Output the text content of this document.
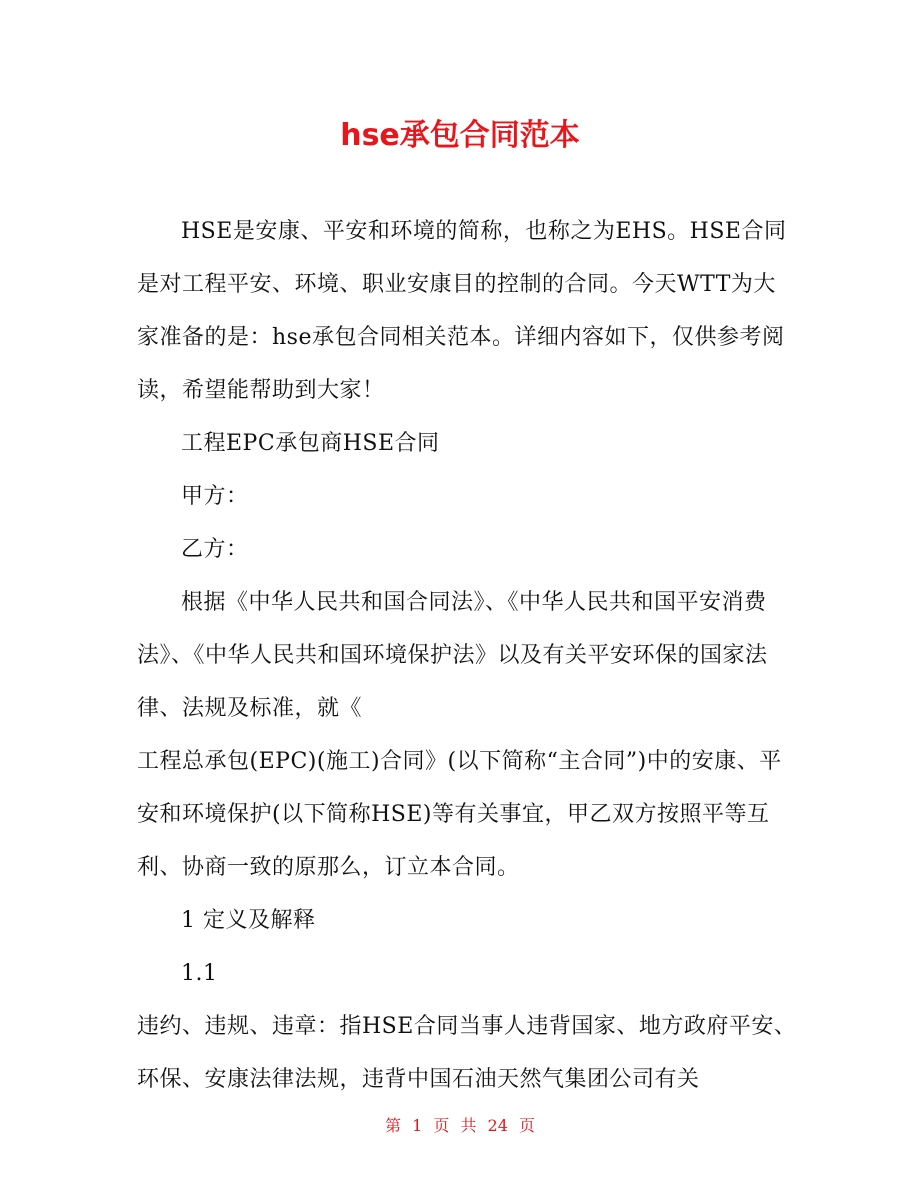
hse承包合同范本

HSE是安康、平安和环境的简称，也称之为EHS。HSE合同是对工程平安、环境、职业安康目的控制的合同。今天WTT为大家准备的是：hse承包合同相关范本。详细内容如下，仅供参考阅读，希望能帮助到大家！

工程EPC承包商HSE合同

甲方：

乙方：

根据《中华人民共和国合同法》、《中华人民共和国平安消费法》、《中华人民共和国环境保护法》以及有关平安环保的国家法律、法规及标准，就《

工程总承包(EPC)(施工)合同》(以下简称“主合同”)中的安康、平安和环境保护(以下简称HSE)等有关事宜，甲乙双方按照平等互利、协商一致的原那么，订立本合同。

1 定义及解释

1.1

违约、违规、违章：指HSE合同当事人违背国家、地方政府平安、环保、安康法律法规，违背中国石油天然气集团公司有关

第 1 页 共 24 页
